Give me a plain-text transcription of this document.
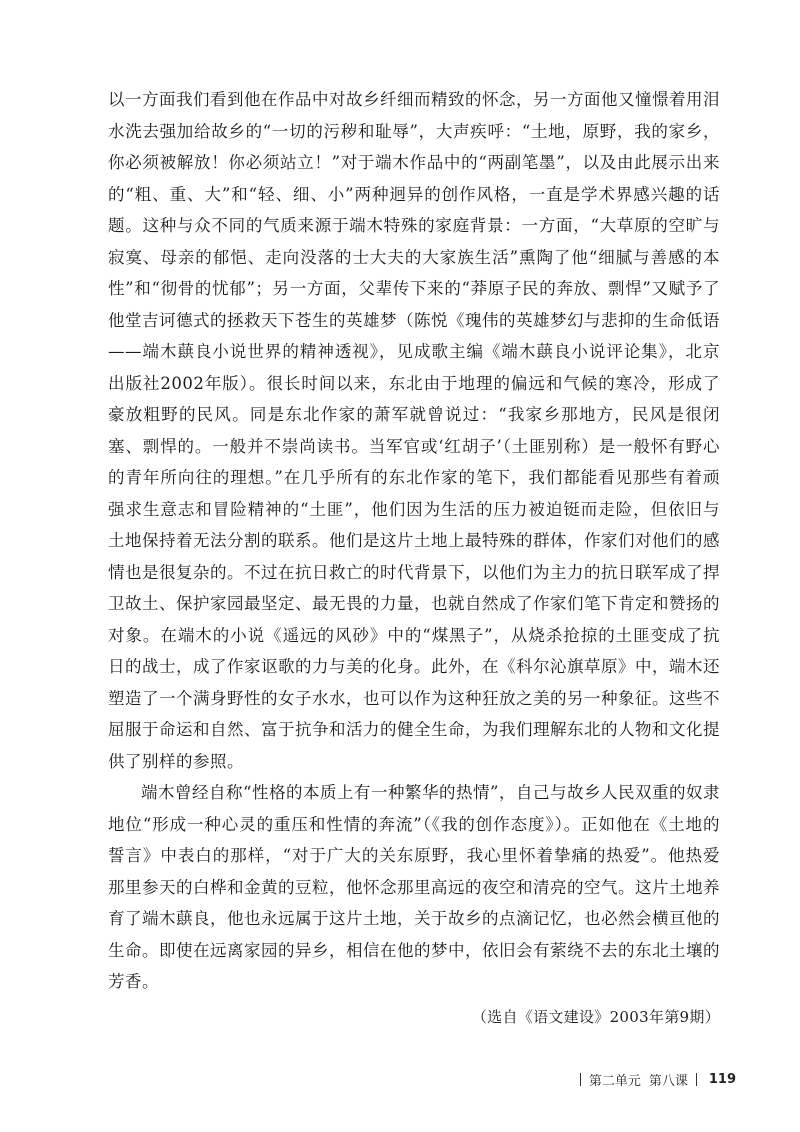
以一方面我们看到他在作品中对故乡纤细而精致的怀念，另一方面他又憧憬着用泪水洗去强加给故乡的“一切的污秽和耻辱”，大声疾呼：“土地，原野，我的家乡，你必须被解放！你必须站立！”对于端木作品中的“两副笔墨”，以及由此展示出来的“粗、重、大”和“轻、细、小”两种迥异的创作风格，一直是学术界感兴趣的话题。这种与众不同的气质来源于端木特殊的家庭背景：一方面，“大草原的空旷与寂寞、母亲的郁悒、走向没落的士大夫的大家族生活”熏陶了他“细腻与善感的本性”和“彻骨的忧郁”；另一方面，父辈传下来的“莽原子民的奔放、剽悍”又赋予了他堂吉诃德式的拯救天下苍生的英雄梦（陈悦《瑰伟的英雄梦幻与悲抑的生命低语——端木蕻良小说世界的精神透视》，见成歌主编《端木蕻良小说评论集》，北京出版社2002年版）。很长时间以来，东北由于地理的偏远和气候的寒冷，形成了豪放粗野的民风。同是东北作家的萧军就曾说过：“我家乡那地方，民风是很闭塞、剽悍的。一般并不崇尚读书。当军官或‘红胡子’（土匪别称）是一般怀有野心的青年所向往的理想。”在几乎所有的东北作家的笔下，我们都能看见那些有着顽强求生意志和冒险精神的“土匪”，他们因为生活的压力被迫铤而走险，但依旧与土地保持着无法分割的联系。他们是这片土地上最特殊的群体，作家们对他们的感情也是很复杂的。不过在抗日救亡的时代背景下，以他们为主力的抗日联军成了捍卫故土、保护家园最坚定、最无畏的力量，也就自然成了作家们笔下肯定和赞扬的对象。在端木的小说《遥远的风砂》中的“煤黑子”，从烧杀抢掠的土匪变成了抗日的战士，成了作家讴歌的力与美的化身。此外，在《科尔沁旗草原》中，端木还塑造了一个满身野性的女子水水，也可以作为这种狂放之美的另一种象征。这些不屈服于命运和自然、富于抗争和活力的健全生命，为我们理解东北的人物和文化提供了别样的参照。

端木曾经自称“性格的本质上有一种繁华的热情”，自己与故乡人民双重的奴隶地位“形成一种心灵的重压和性情的奔流”（《我的创作态度》）。正如他在《土地的誓言》中表白的那样，“对于广大的关东原野，我心里怀着挚痛的热爱”。他热爱那里参天的白桦和金黄的豆粒，他怀念那里高远的夜空和清亮的空气。这片土地养育了端木蕻良，他也永远属于这片土地，关于故乡的点滴记忆，也必然会横亘他的生命。即使在远离家园的异乡，相信在他的梦中，依旧会有萦绕不去的东北土壤的芳香。

（选自《语文建设》2003年第9期）

第二单元 第八课 119
